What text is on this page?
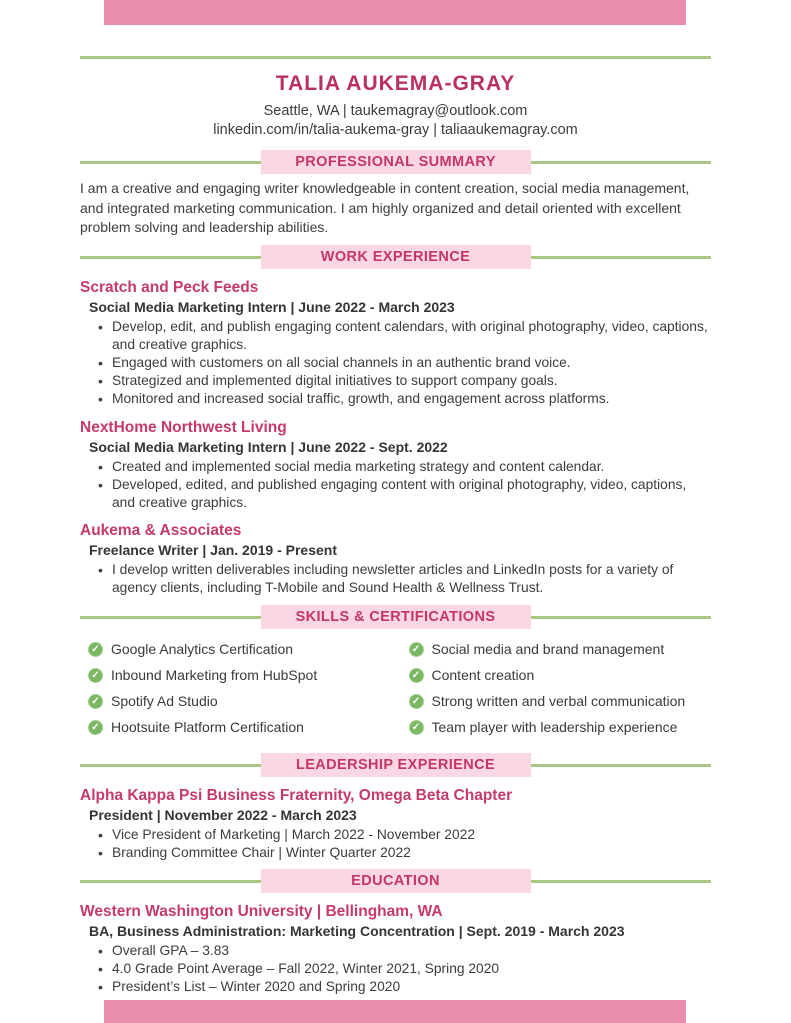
TALIA AUKEMA-GRAY
Seattle, WA | taukemagray@outlook.com
linkedin.com/in/talia-aukema-gray | taliaaukemagray.com
PROFESSIONAL SUMMARY

I am a creative and engaging writer knowledgeable in content creation, social media management, and integrated marketing communication. I am highly organized and detail oriented with excellent problem solving and leadership abilities.

WORK EXPERIENCE
Scratch and Peck Feeds
Social Media Marketing Intern | June 2022 - March 2023
• Develop, edit, and publish engaging content calendars, with original photography, video, captions, and creative graphics.
• Engaged with customers on all social channels in an authentic brand voice.
• Strategized and implemented digital initiatives to support company goals.
• Monitored and increased social traffic, growth, and engagement across platforms.
NextHome Northwest Living
Social Media Marketing Intern | June 2022 - Sept. 2022
• Created and implemented social media marketing strategy and content calendar.
• Developed, edited, and published engaging content with original photography, video, captions, and creative graphics.
Aukema & Associates
Freelance Writer | Jan. 2019 - Present
• I develop written deliverables including newsletter articles and LinkedIn posts for a variety of agency clients, including T-Mobile and Sound Health & Wellness Trust.
SKILLS & CERTIFICATIONS
✓ Google Analytics Certification
✓ Inbound Marketing from HubSpot
✓ Spotify Ad Studio
✓ Hootsuite Platform Certification
✓ Social media and brand management
✓ Content creation
✓ Strong written and verbal communication
✓ Team player with leadership experience
LEADERSHIP EXPERIENCE
Alpha Kappa Psi Business Fraternity, Omega Beta Chapter
President | November 2022 - March 2023
• Vice President of Marketing | March 2022 - November 2022
• Branding Committee Chair | Winter Quarter 2022
EDUCATION
Western Washington University | Bellingham, WA
BA, Business Administration: Marketing Concentration | Sept. 2019 - March 2023
• Overall GPA – 3.83
• 4.0 Grade Point Average – Fall 2022, Winter 2021, Spring 2020
• President’s List – Winter 2020 and Spring 2020
